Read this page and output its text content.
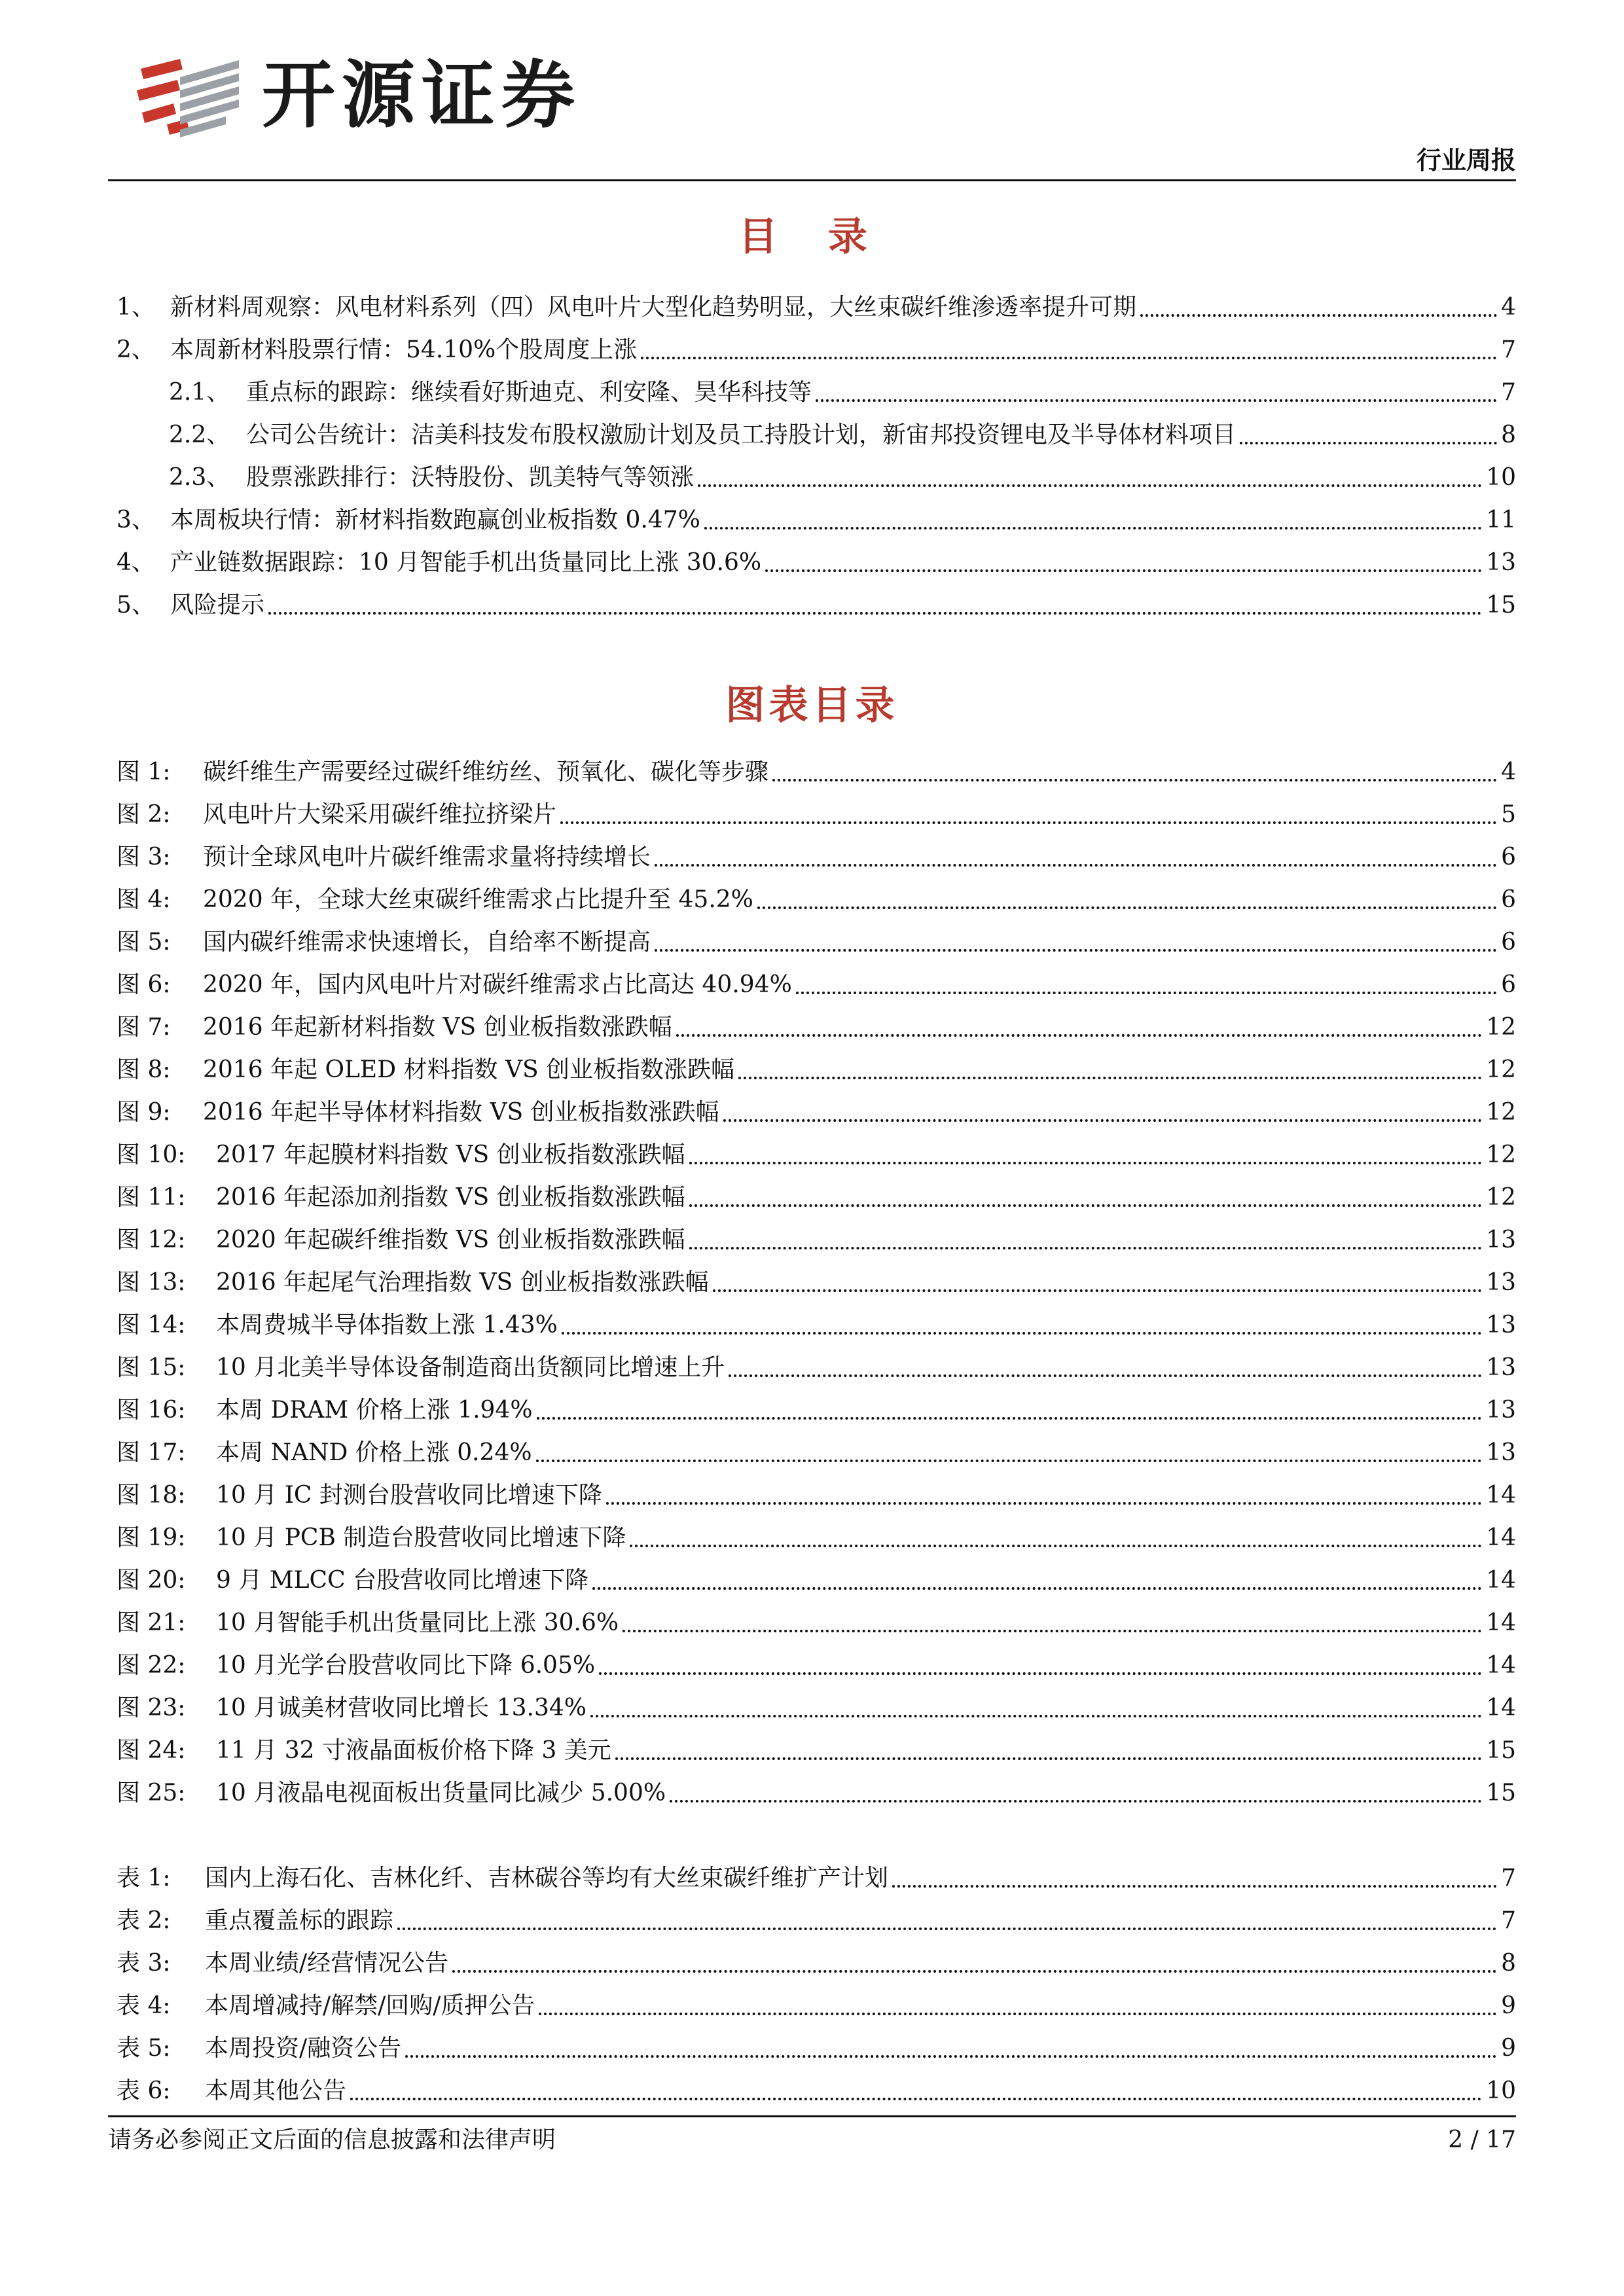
开源证券
行业周报
目 录
1、 新材料周观察：风电材料系列（四）风电叶片大型化趋势明显，大丝束碳纤维渗透率提升可期	4
2、 本周新材料股票行情：54.10%个股周度上涨	7
2.1、 重点标的跟踪：继续看好斯迪克、利安隆、昊华科技等	7
2.2、 公司公告统计：洁美科技发布股权激励计划及员工持股计划，新宙邦投资锂电及半导体材料项目	8
2.3、 股票涨跌排行：沃特股份、凯美特气等领涨	10
3、 本周板块行情：新材料指数跑赢创业板指数 0.47%	11
4、 产业链数据跟踪：10 月智能手机出货量同比上涨 30.6%	13
5、 风险提示	15
图表目录
图 1:	碳纤维生产需要经过碳纤维纺丝、预氧化、碳化等步骤	4
图 2:	风电叶片大梁采用碳纤维拉挤梁片	5
图 3:	预计全球风电叶片碳纤维需求量将持续增长	6
图 4:	2020 年，全球大丝束碳纤维需求占比提升至 45.2%	6
图 5:	国内碳纤维需求快速增长，自给率不断提高	6
图 6:	2020 年，国内风电叶片对碳纤维需求占比高达 40.94%	6
图 7:	2016 年起新材料指数 VS 创业板指数涨跌幅	12
图 8:	2016 年起 OLED 材料指数 VS 创业板指数涨跌幅	12
图 9:	2016 年起半导体材料指数 VS 创业板指数涨跌幅	12
图 10:	2017 年起膜材料指数 VS 创业板指数涨跌幅	12
图 11:	2016 年起添加剂指数 VS 创业板指数涨跌幅	12
图 12:	2020 年起碳纤维指数 VS 创业板指数涨跌幅	13
图 13:	2016 年起尾气治理指数 VS 创业板指数涨跌幅	13
图 14:	本周费城半导体指数上涨 1.43%	13
图 15:	10 月北美半导体设备制造商出货额同比增速上升	13
图 16:	本周 DRAM 价格上涨 1.94%	13
图 17:	本周 NAND 价格上涨 0.24%	13
图 18:	10 月 IC 封测台股营收同比增速下降	14
图 19:	10 月 PCB 制造台股营收同比增速下降	14
图 20:	9 月 MLCC 台股营收同比增速下降	14
图 21:	10 月智能手机出货量同比上涨 30.6%	14
图 22:	10 月光学台股营收同比下降 6.05%	14
图 23:	10 月诚美材营收同比增长 13.34%	14
图 24:	11 月 32 寸液晶面板价格下降 3 美元	15
图 25:	10 月液晶电视面板出货量同比减少 5.00%	15
表 1:	国内上海石化、吉林化纤、吉林碳谷等均有大丝束碳纤维扩产计划	7
表 2:	重点覆盖标的跟踪	7
表 3:	本周业绩/经营情况公告	8
表 4:	本周增减持/解禁/回购/质押公告	9
表 5:	本周投资/融资公告	9
表 6:	本周其他公告	10
请务必参阅正文后面的信息披露和法律声明	2 / 17
